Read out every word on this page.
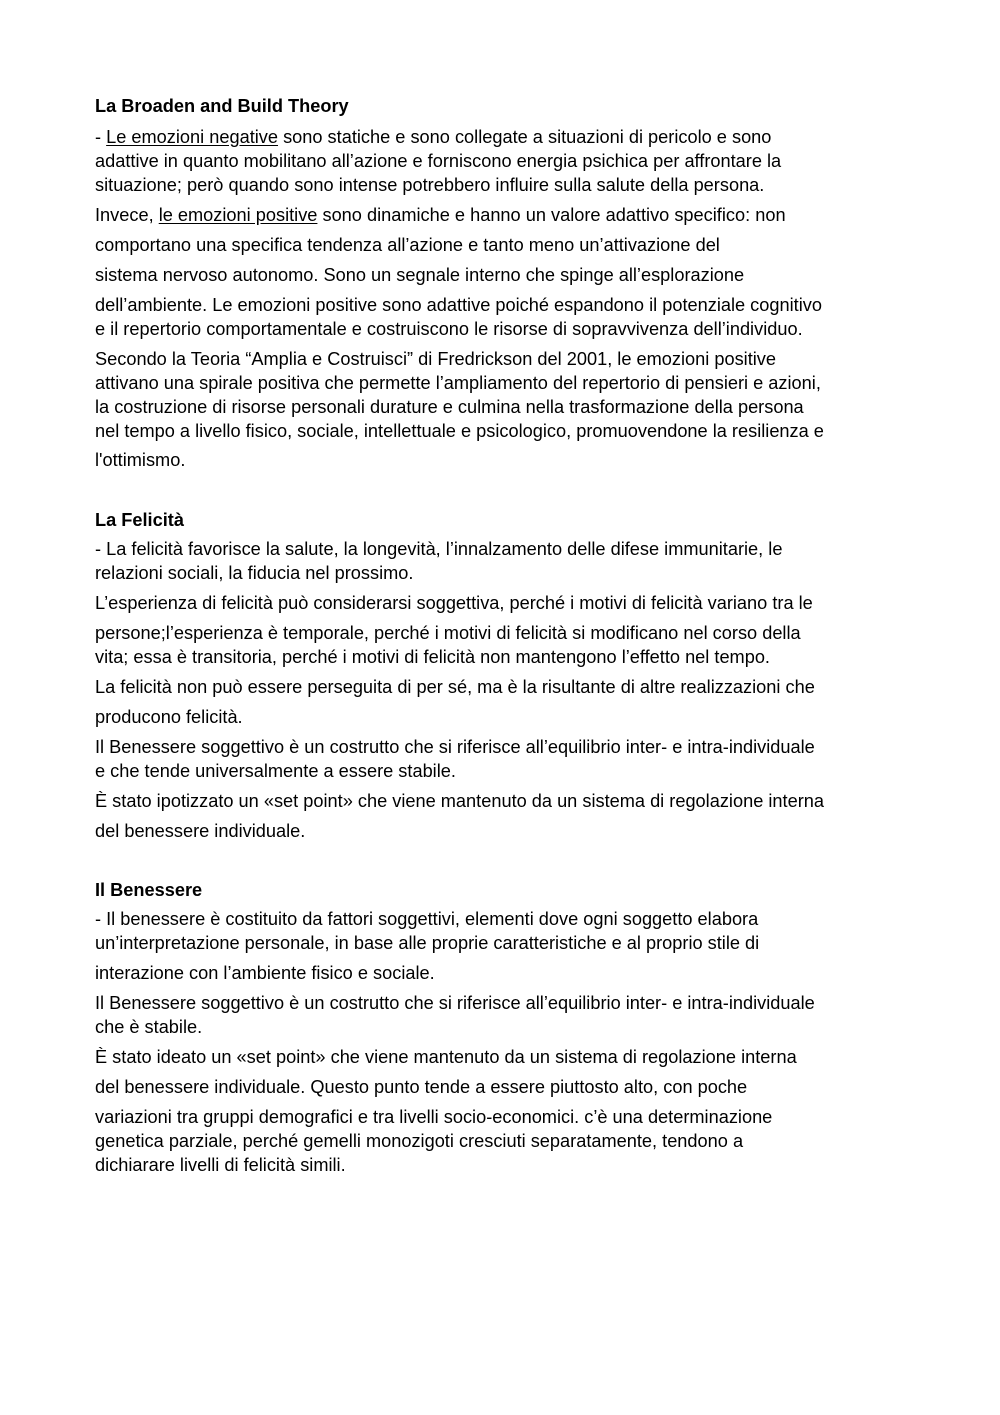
La Broaden and Build Theory
- Le emozioni negative sono statiche e sono collegate a situazioni di pericolo e sono
adattive in quanto mobilitano all’azione e forniscono energia psichica per affrontare la
situazione; però quando sono intense potrebbero influire sulla salute della persona.
Invece, le emozioni positive sono dinamiche e hanno un valore adattivo specifico: non
comportano una specifica tendenza all’azione e tanto meno un’attivazione del
sistema nervoso autonomo. Sono un segnale interno che spinge all’esplorazione
dell’ambiente. Le emozioni positive sono adattive poiché espandono il potenziale cognitivo
e il repertorio comportamentale e costruiscono le risorse di sopravvivenza dell’individuo.
Secondo la Teoria “Amplia e Costruisci” di Fredrickson del 2001, le emozioni positive
attivano una spirale positiva che permette l’ampliamento del repertorio di pensieri e azioni,
la costruzione di risorse personali durature e culmina nella trasformazione della persona
nel tempo a livello fisico, sociale, intellettuale e psicologico, promuovendone la resilienza e
l'ottimismo.
La Felicità
- La felicità favorisce la salute, la longevità, l’innalzamento delle difese immunitarie, le
relazioni sociali, la fiducia nel prossimo.
L’esperienza di felicità può considerarsi soggettiva, perché i motivi di felicità variano tra le
persone;l’esperienza è temporale, perché i motivi di felicità si modificano nel corso della
vita; essa è transitoria, perché i motivi di felicità non mantengono l’effetto nel tempo.
La felicità non può essere perseguita di per sé, ma è la risultante di altre realizzazioni che
producono felicità.
Il Benessere soggettivo è un costrutto che si riferisce all’equilibrio inter- e intra-individuale
e che tende universalmente a essere stabile.
È stato ipotizzato un «set point» che viene mantenuto da un sistema di regolazione interna
del benessere individuale.
Il Benessere
- Il benessere è costituito da fattori soggettivi, elementi dove ogni soggetto elabora
un’interpretazione personale, in base alle proprie caratteristiche e al proprio stile di
interazione con l’ambiente fisico e sociale.
Il Benessere soggettivo è un costrutto che si riferisce all’equilibrio inter- e intra-individuale
che è stabile.
È stato ideato un «set point» che viene mantenuto da un sistema di regolazione interna
del benessere individuale. Questo punto tende a essere piuttosto alto, con poche
variazioni tra gruppi demografici e tra livelli socio-economici. c’è una determinazione
genetica parziale, perché gemelli monozigoti cresciuti separatamente, tendono a
dichiarare livelli di felicità simili.
